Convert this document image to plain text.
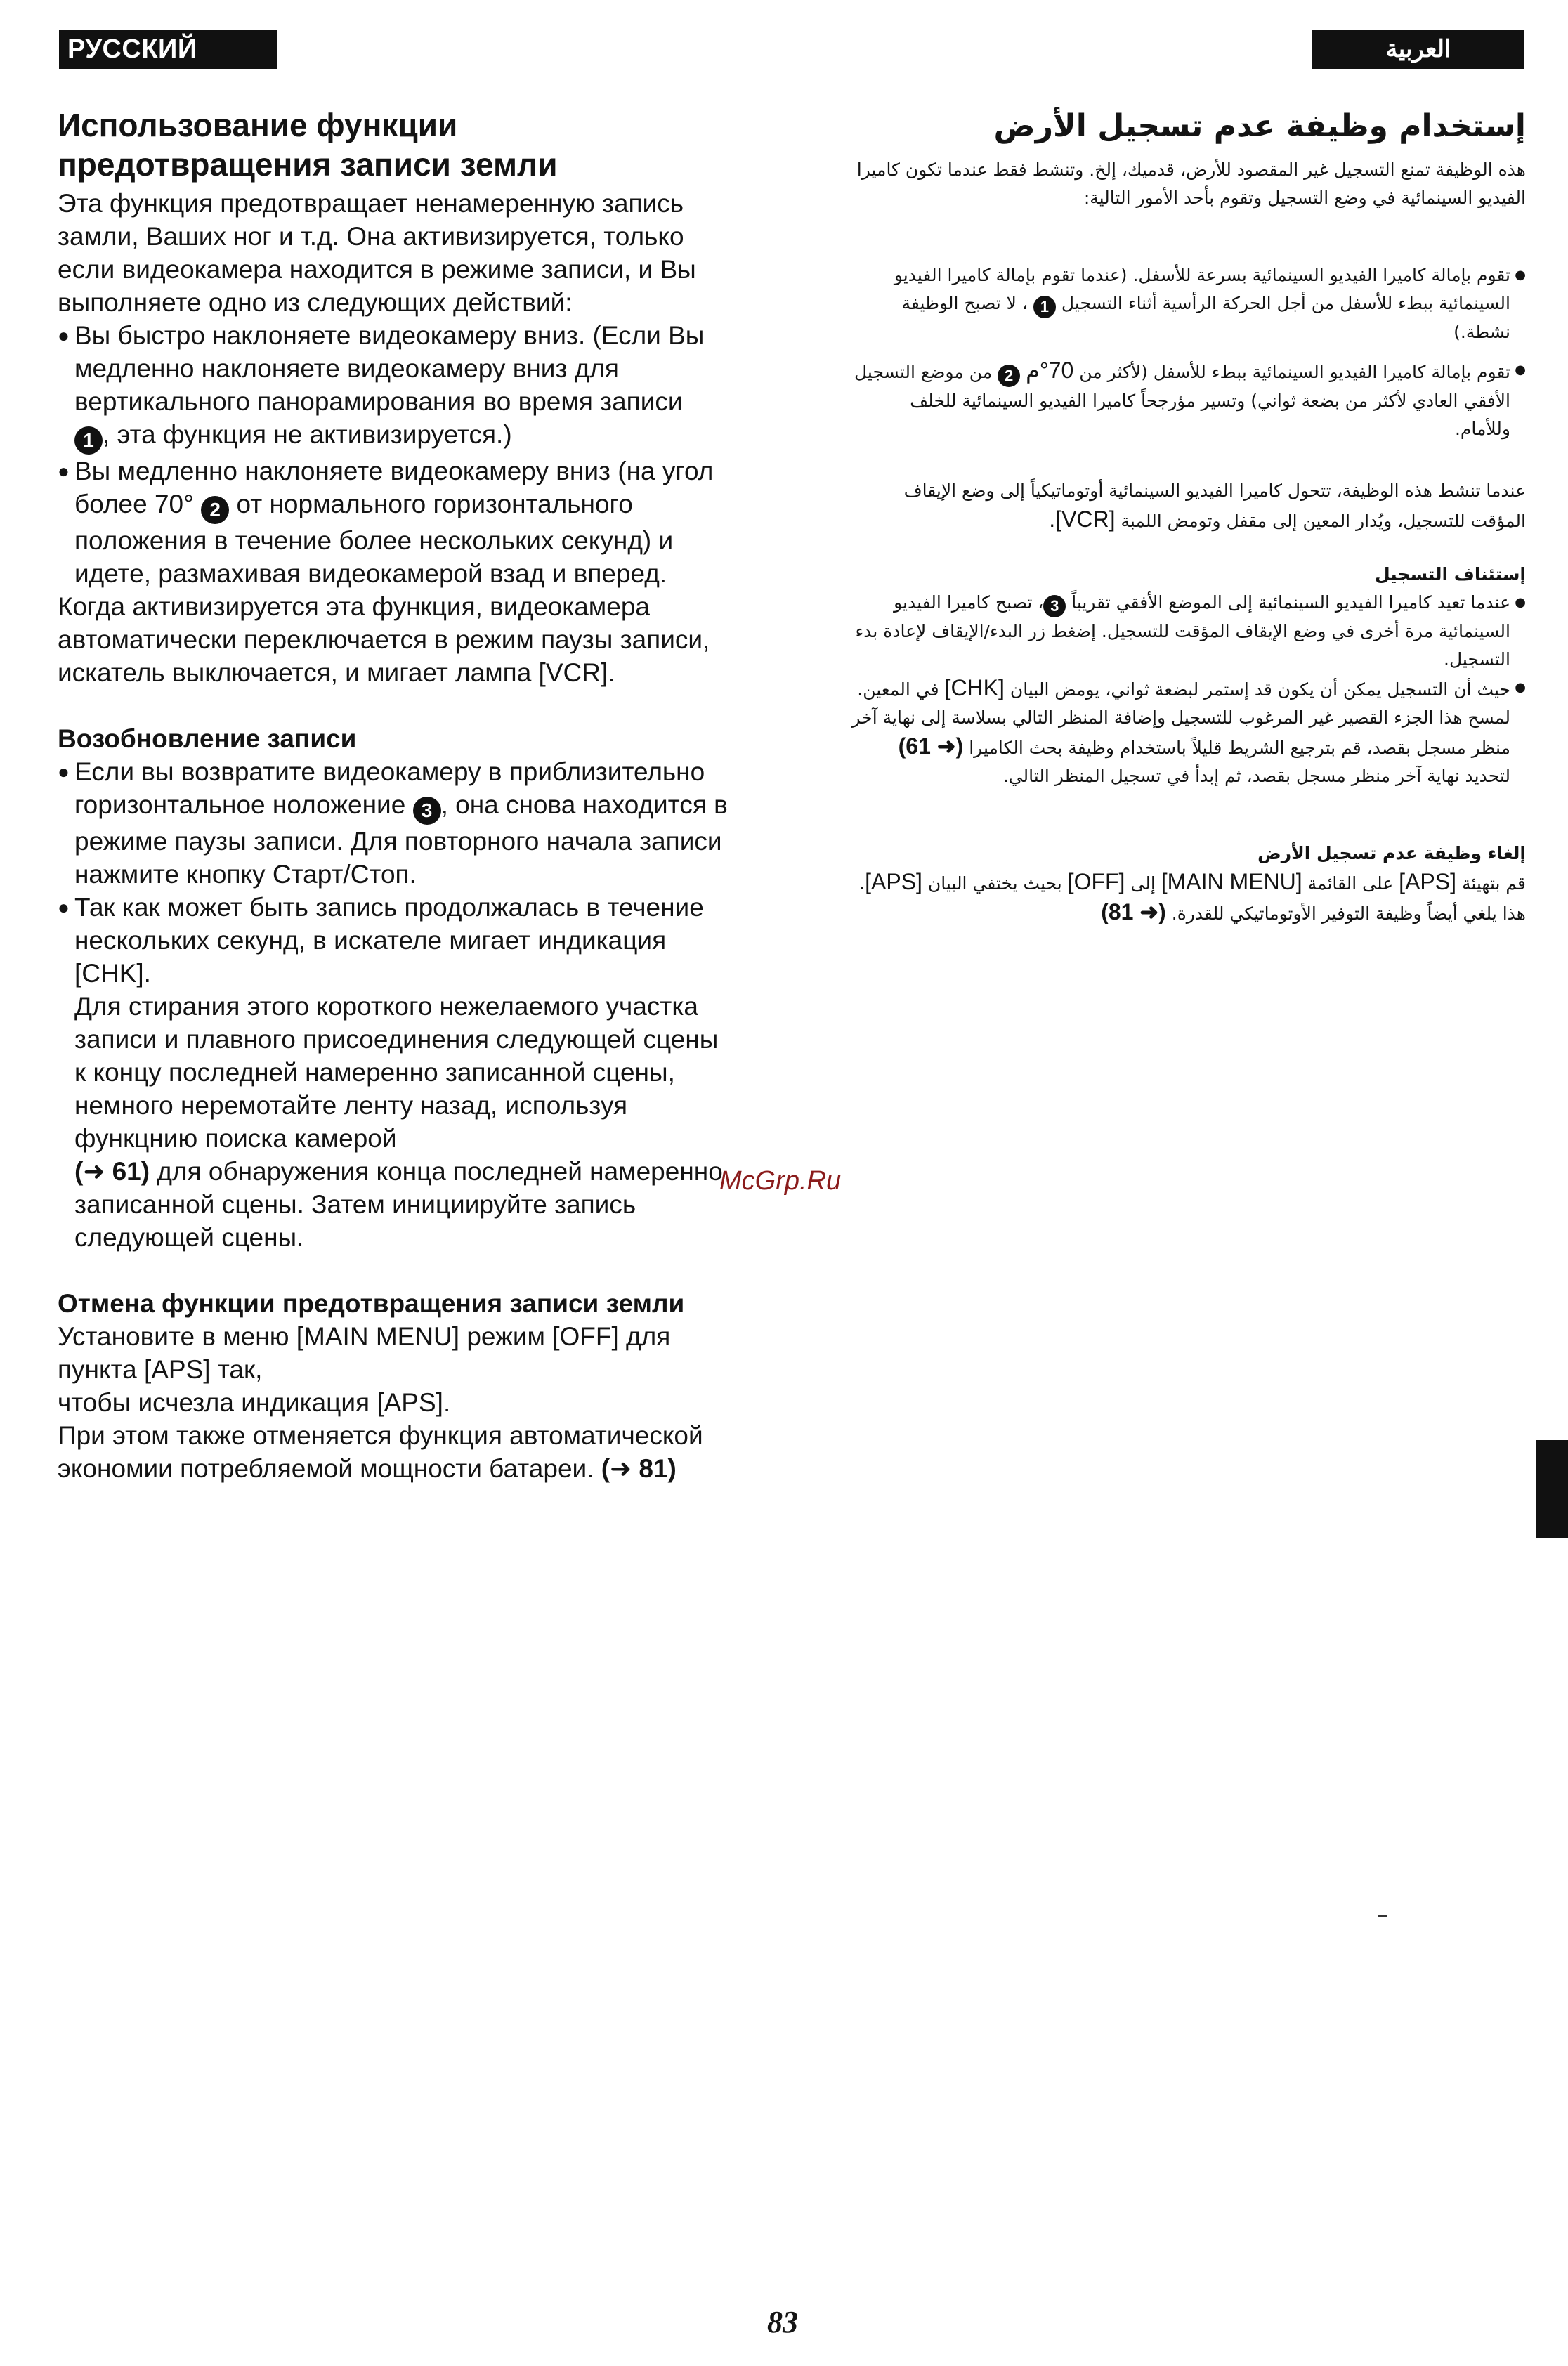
РУССКИЙ ЯЗЫК
العربية
Использование функции
предотвращения записи земли

Эта функция предотвращает ненамеренную запись замли, Ваших ног и т.д. Она активизируется, только если видеокамера находится в режиме записи, и Вы выполняете одно из следующих действий:

● Вы быстро наклоняете видеокамеру вниз. (Если Вы медленно наклоняете видеокамеру вниз для вертикального панорамирования во время записи
1 , эта функция не активизируется.)
● Вы медленно наклоняете видеокамеру вниз (на угол более 70° 2 от нормального горизонтального положения в течение более нескольких секунд) и идете, размахивая видеокамерой взад и вперед.

Когда активизируется эта функция, видеокамера автоматически переключается в режим паузы записи, искатель выключается, и мигает лампа [VCR].

Возобновление записи
● Если вы возвратите видеокамеру в приблизительно горизонтальное ноложение 3 , она снова находится в режиме паузы записи. Для повторного начала записи нажмите кнопку Старт/Стоп.
● Так как может быть запись продолжалась в течение нескольких секунд, в искателе мигает индикация [CHK].
Для стирания этого короткого нежелаемого участка записи и плавного присоединения следующей сцены к концу последней намеренно записанной сцены, немного неремотайте ленту назад, используя функцнию поиска камерой
(➜ 61) для обнаружения конца последней намеренно записанной сцены. Затем инициируйте запись следующей сцены.
Отмена функции предотвращения записи земли

Установите в меню [MAIN MENU] режим [OFF] для пункта [APS] так,
чтобы исчезла индикация [APS].
При этом также отменяется функция автоматической экономии потребляемой мощности батареи. (➜ 81)

إستخدام وظيفة عدم تسجيل الأرض

هذه الوظيفة تمنع التسجيل غير المقصود للأرض، قدميك، إلخ. وتنشط فقط عندما تكون كاميرا الفيديو السينمائية في وضع التسجيل وتقوم بأحد الأمور التالية:

● تقوم بإمالة كاميرا الفيديو السينمائية بسرعة للأسفل. (عندما تقوم بإمالة كاميرا الفيديو السينمائية ببطء للأسفل من أجل الحركة الرأسية أثناء التسجيل 1 ، لا تصبح الوظيفة نشطة.)
● تقوم بإمالة كاميرا الفيديو السينمائية ببطء للأسفل (لأكثر من 70°م 2 من موضع التسجيل الأفقي العادي لأكثر من بضعة ثواني) وتسير مؤرجحاً كاميرا الفيديو السينمائية للخلف وللأمام.

عندما تنشط هذه الوظيفة، تتحول كاميرا الفيديو السينمائية أوتوماتيكياً إلى وضع الإيقاف المؤقت للتسجيل، ويُدار المعين إلى مقفل وتومض اللمبة [VCR].

إستئناف التسجيل
● عندما تعيد كاميرا الفيديو السينمائية إلى الموضع الأفقي تقريباً 3، تصبح كاميرا الفيديو السينمائية مرة أخرى في وضع الإيقاف المؤقت للتسجيل. إضغط زر البدء/الإيقاف لإعادة بدء التسجيل.
● حيث أن التسجيل يمكن أن يكون قد إستمر لبضعة ثواني، يومض البيان [CHK] في المعين. لمسح هذا الجزء القصير غير المرغوب للتسجيل وإضافة المنظر التالي بسلاسة إلى نهاية آخر منظر مسجل بقصد، قم بترجيع الشريط قليلاً باستخدام وظيفة بحث الكاميرا (➜ 61) لتحديد نهاية آخر منظر مسجل بقصد، ثم إبدأ في تسجيل المنظر التالي.
إلغاء وظيفة عدم تسجيل الأرض

قم بتهيئة [APS] على القائمة [MAIN MENU] إلى [OFF] بحيث يختفي البيان [APS].

هذا يلغي أيضاً وظيفة التوفير الأوتوماتيكي للقدرة. (➜ 81)

McGrp.Ru
83
